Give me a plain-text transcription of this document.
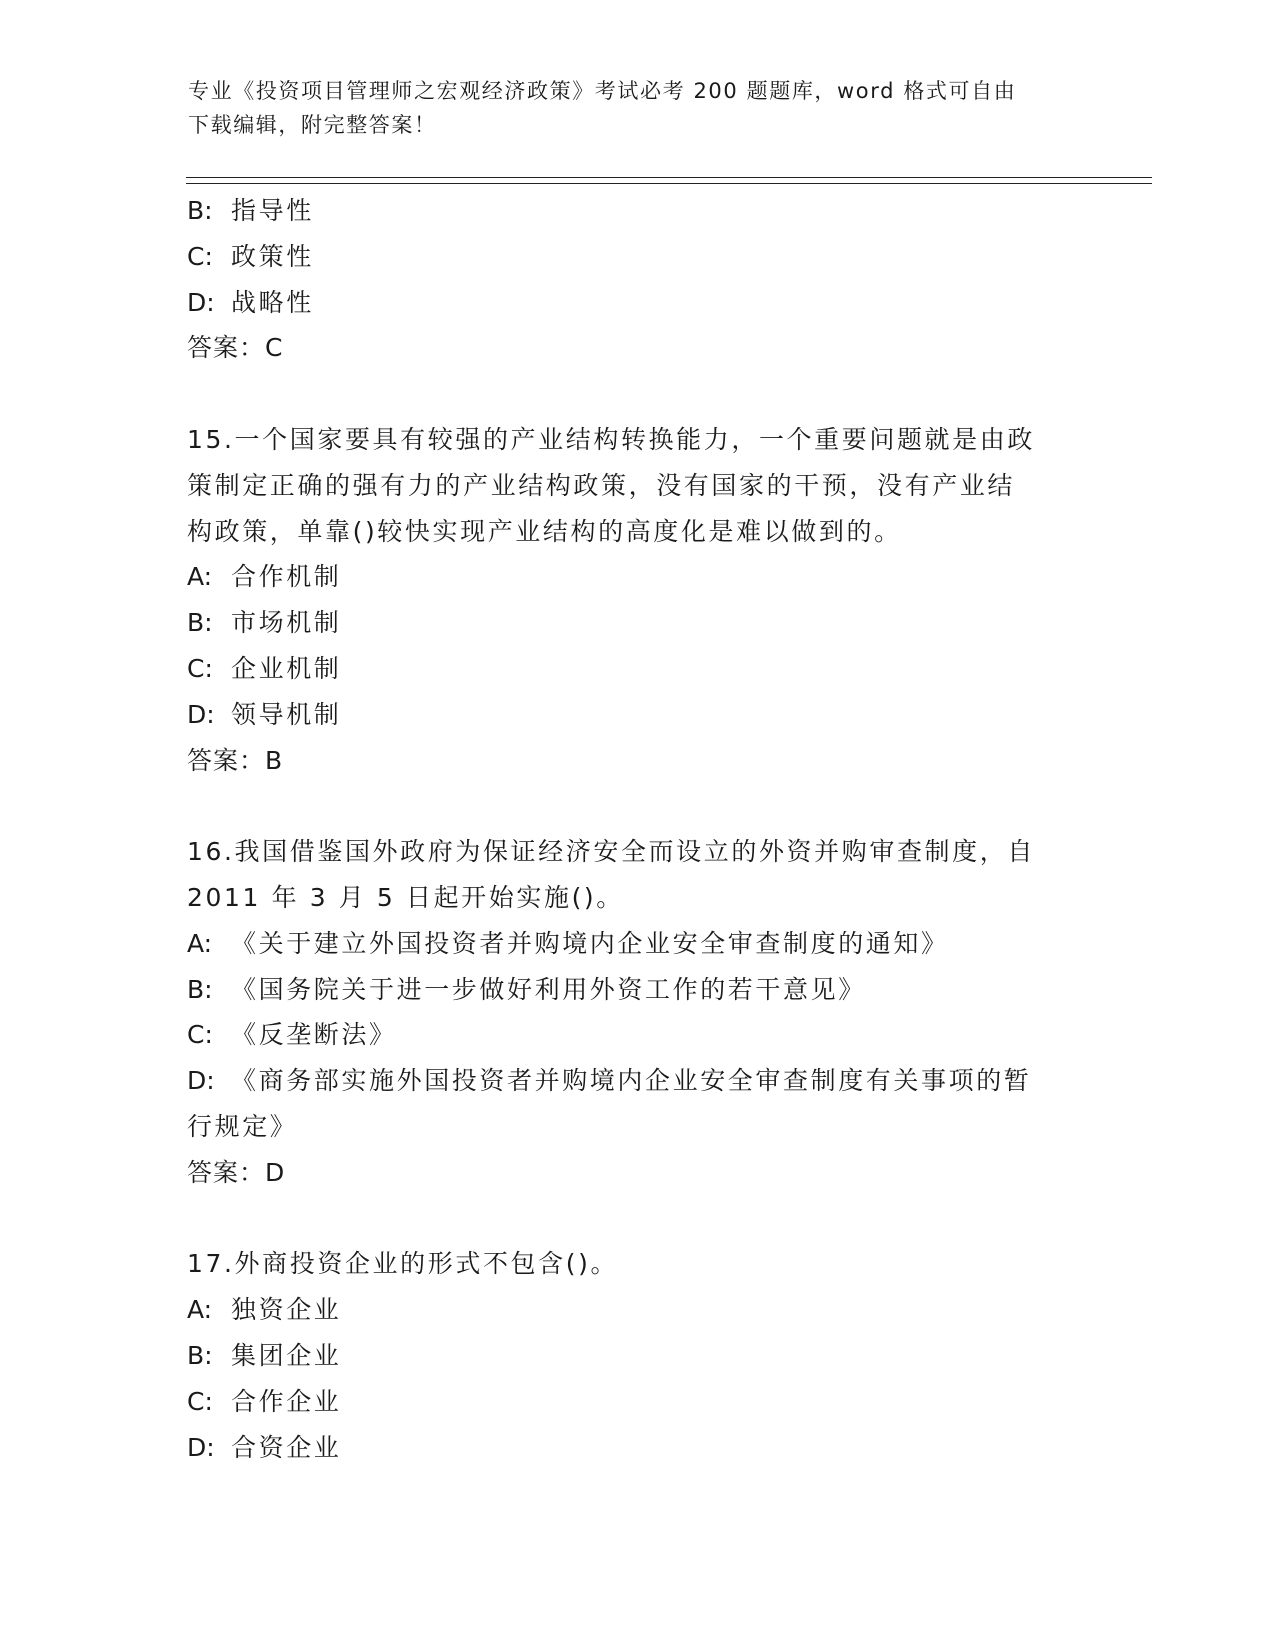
专业《投资项目管理师之宏观经济政策》考试必考 200 题题库，word 格式可自由
下载编辑，附完整答案！
B: 指导性
C: 政策性
D: 战略性
答案：C
15.一个国家要具有较强的产业结构转换能力，一个重要问题就是由政
策制定正确的强有力的产业结构政策，没有国家的干预，没有产业结
构政策，单靠()较快实现产业结构的高度化是难以做到的。
A: 合作机制
B: 市场机制
C: 企业机制
D: 领导机制
答案：B
16.我国借鉴国外政府为保证经济安全而设立的外资并购审查制度，自
2011 年 3 月 5 日起开始实施()。
A: 《关于建立外国投资者并购境内企业安全审查制度的通知》
B: 《国务院关于进一步做好利用外资工作的若干意见》
C: 《反垄断法》
D: 《商务部实施外国投资者并购境内企业安全审查制度有关事项的暂
行规定》
答案：D
17.外商投资企业的形式不包含()。
A: 独资企业
B: 集团企业
C: 合作企业
D: 合资企业
